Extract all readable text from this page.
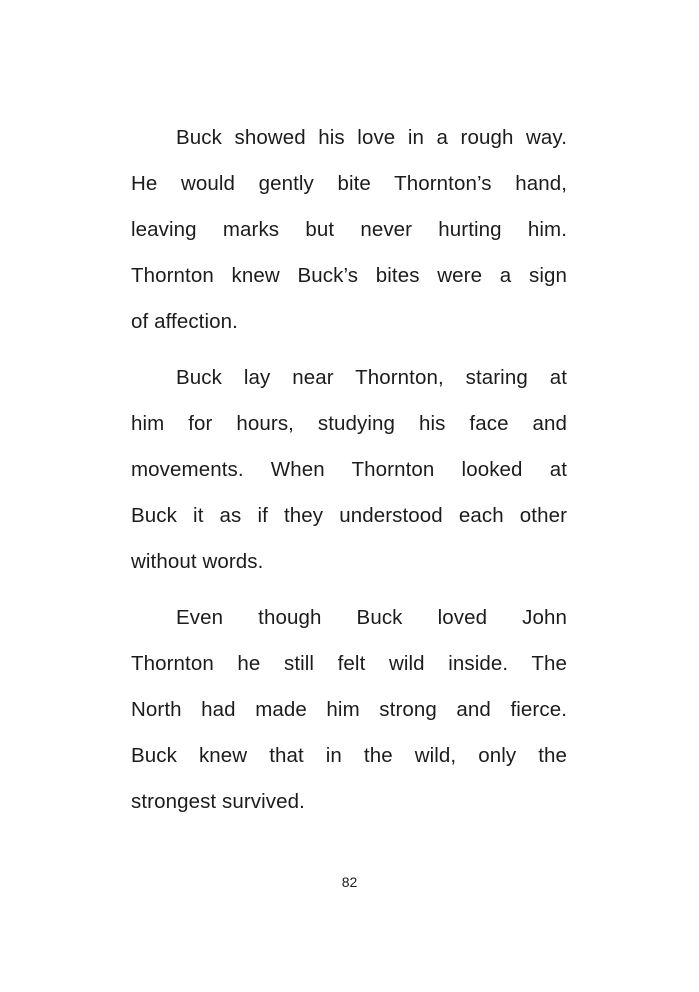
Buck showed his love in a rough way.
He would gently bite Thornton’s hand,
leaving marks but never hurting him.
Thornton knew Buck’s bites were a sign
of affection.
Buck lay near Thornton, staring at
him for hours, studying his face and
movements. When Thornton looked at
Buck it as if they understood each other
without words.
Even though Buck loved John
Thornton he still felt wild inside. The
North had made him strong and fierce.
Buck knew that in the wild, only the
strongest survived.
82
